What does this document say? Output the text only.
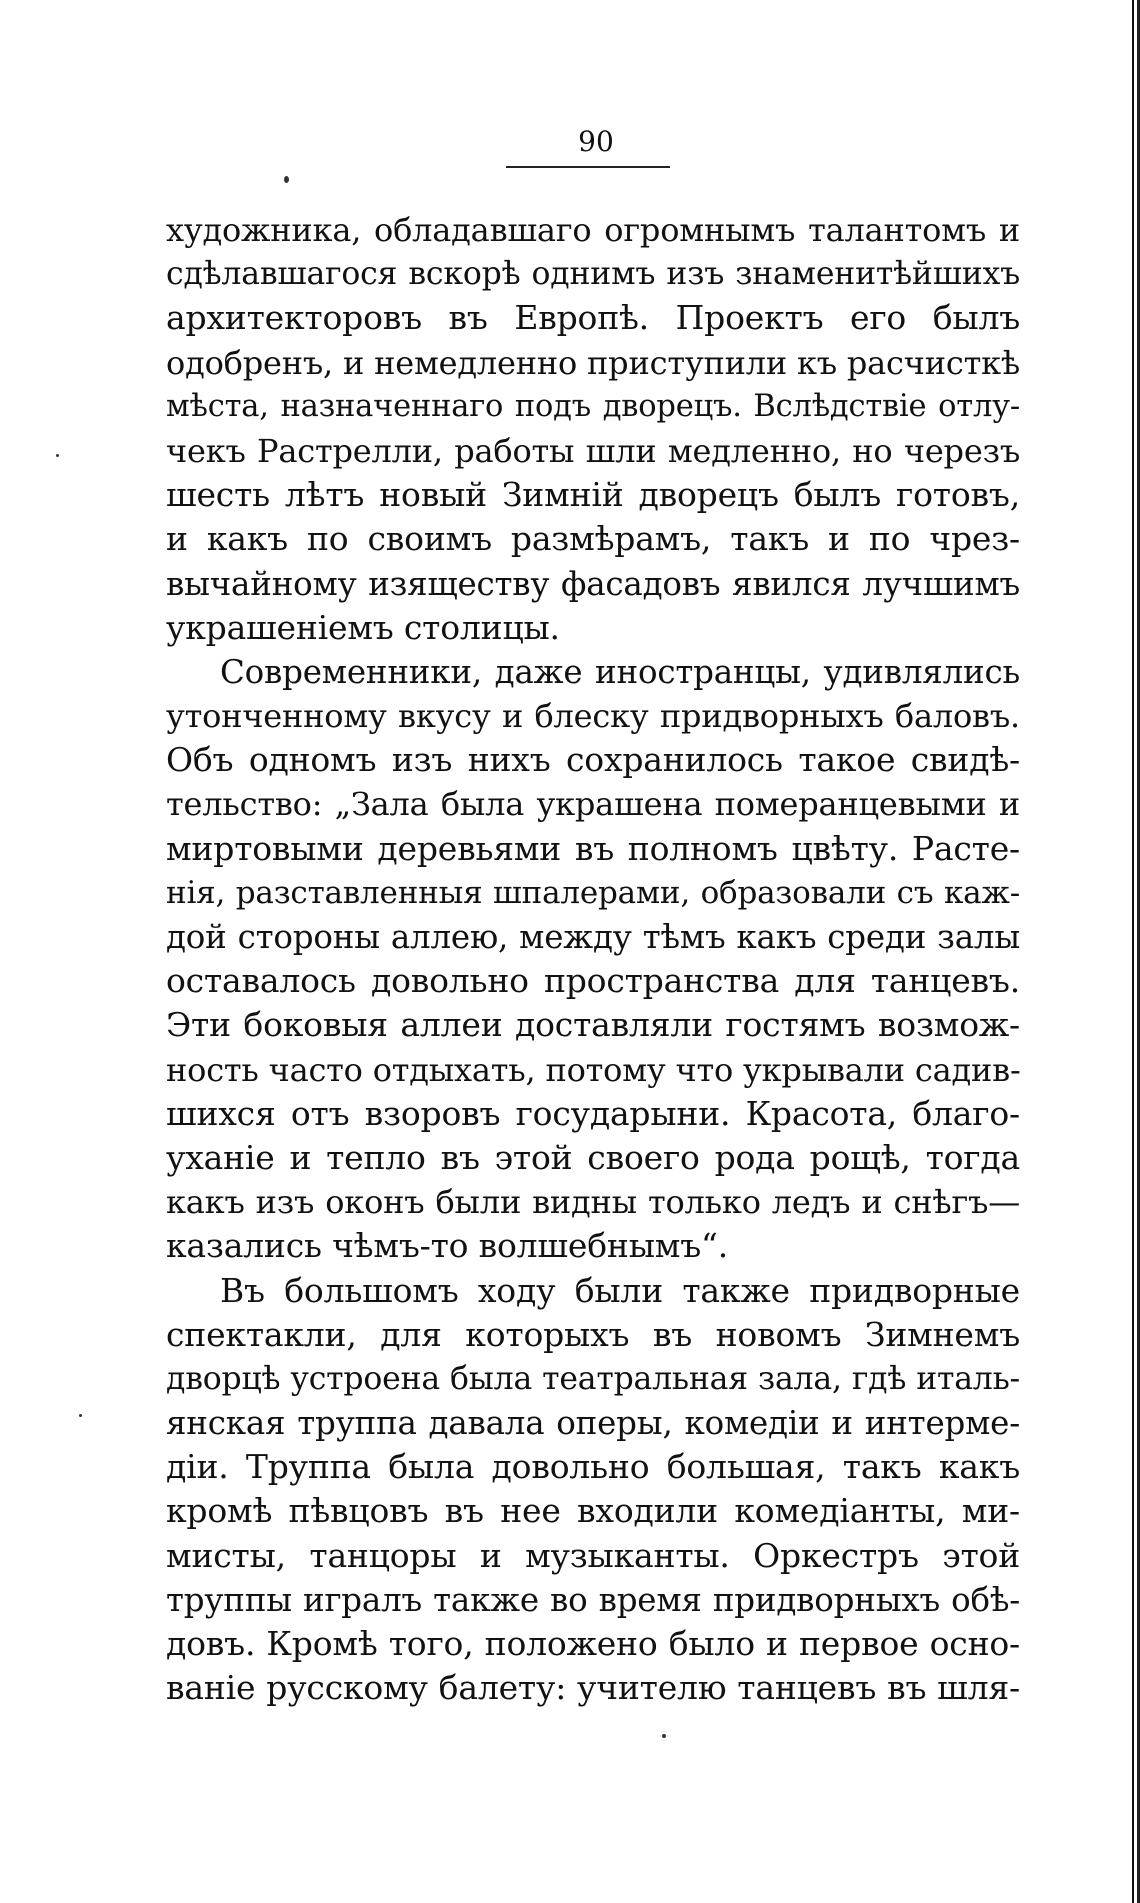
90
художника, обладавшаго огромнымъ талантомъ и
сдѣлавшагося вскорѣ однимъ изъ знаменитѣйшихъ
архитекторовъ въ Европѣ. Проектъ его былъ
одобренъ, и немедленно приступили къ расчисткѣ
мѣста, назначеннаго подъ дворецъ. Вслѣдствіе отлу-
чекъ Растрелли, работы шли медленно, но черезъ
шесть лѣтъ новый Зимній дворецъ былъ готовъ,
и какъ по своимъ размѣрамъ, такъ и по чрез-
вычайному изяществу фасадовъ явился лучшимъ
украшеніемъ столицы.
Современники, даже иностранцы, удивлялись
утонченному вкусу и блеску придворныхъ баловъ.
Объ одномъ изъ нихъ сохранилось такое свидѣ-
тельство: „Зала была украшена померанцевыми и
миртовыми деревьями въ полномъ цвѣту. Расте-
нія, разставленныя шпалерами, образовали съ каж-
дой стороны аллею, между тѣмъ какъ среди залы
оставалось довольно пространства для танцевъ.
Эти боковыя аллеи доставляли гостямъ возмож-
ность часто отдыхать, потому что укрывали садив-
шихся отъ взоровъ государыни. Красота, благо-
уханіе и тепло въ этой своего рода рощѣ, тогда
какъ изъ оконъ были видны только ледъ и снѣгъ—
казались чѣмъ-то волшебнымъ“.
Въ большомъ ходу были также придворные
спектакли, для которыхъ въ новомъ Зимнемъ
дворцѣ устроена была театральная зала, гдѣ италь-
янская труппа давала оперы, комедіи и интерме-
діи. Труппа была довольно большая, такъ какъ
кромѣ пѣвцовъ въ нее входили комедіанты, ми-
мисты, танцоры и музыканты. Оркестръ этой
труппы игралъ также во время придворныхъ обѣ-
довъ. Кромѣ того, положено было и первое осно-
ваніе русскому балету: учителю танцевъ въ шля-
